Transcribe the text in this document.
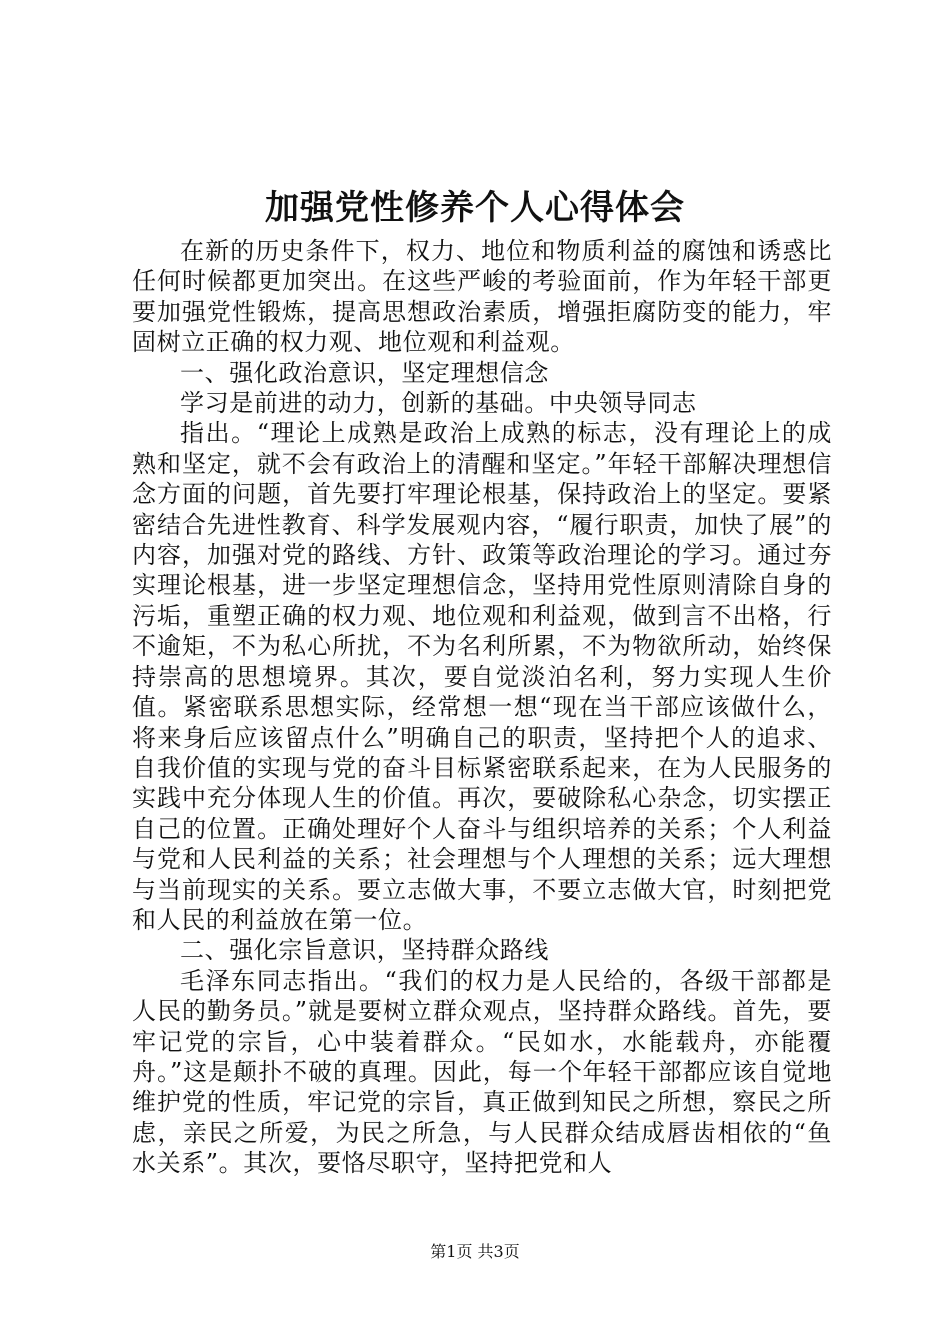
加强党性修养个人心得体会

在新的历史条件下，权力、地位和物质利益的腐蚀和诱惑比任何时候都更加突出。在这些严峻的考验面前，作为年轻干部更要加强党性锻炼，提高思想政治素质，增强拒腐防变的能力，牢固树立正确的权力观、地位观和利益观。

一、强化政治意识，坚定理想信念

学习是前进的动力，创新的基础。中央领导同志

指出。“理论上成熟是政治上成熟的标志，没有理论上的成熟和坚定，就不会有政治上的清醒和坚定。”年轻干部解决理想信念方面的问题，首先要打牢理论根基，保持政治上的坚定。要紧密结合先进性教育、科学发展观内容，“履行职责，加快了展”的内容，加强对党的路线、方针、政策等政治理论的学习。通过夯实理论根基，进一步坚定理想信念，坚持用党性原则清除自身的污垢，重塑正确的权力观、地位观和利益观，做到言不出格，行不逾矩，不为私心所扰，不为名利所累，不为物欲所动，始终保持崇高的思想境界。其次，要自觉淡泊名利，努力实现人生价值。紧密联系思想实际，经常想一想“现在当干部应该做什么，将来身后应该留点什么”明确自己的职责，坚持把个人的追求、自我价值的实现与党的奋斗目标紧密联系起来，在为人民服务的实践中充分体现人生的价值。再次，要破除私心杂念，切实摆正自己的位置。正确处理好个人奋斗与组织培养的关系；个人利益与党和人民利益的关系；社会理想与个人理想的关系；远大理想与当前现实的关系。要立志做大事，不要立志做大官，时刻把党和人民的利益放在第一位。

二、强化宗旨意识，坚持群众路线

毛泽东同志指出。“我们的权力是人民给的，各级干部都是人民的勤务员。”就是要树立群众观点，坚持群众路线。首先，要牢记党的宗旨，心中装着群众。“民如水，水能载舟，亦能覆舟。”这是颠扑不破的真理。因此，每一个年轻干部都应该自觉地维护党的性质，牢记党的宗旨，真正做到知民之所想，察民之所虑，亲民之所爱，为民之所急，与人民群众结成唇齿相依的“鱼水关系”。其次，要恪尽职守，坚持把党和人

第1页 共3页
